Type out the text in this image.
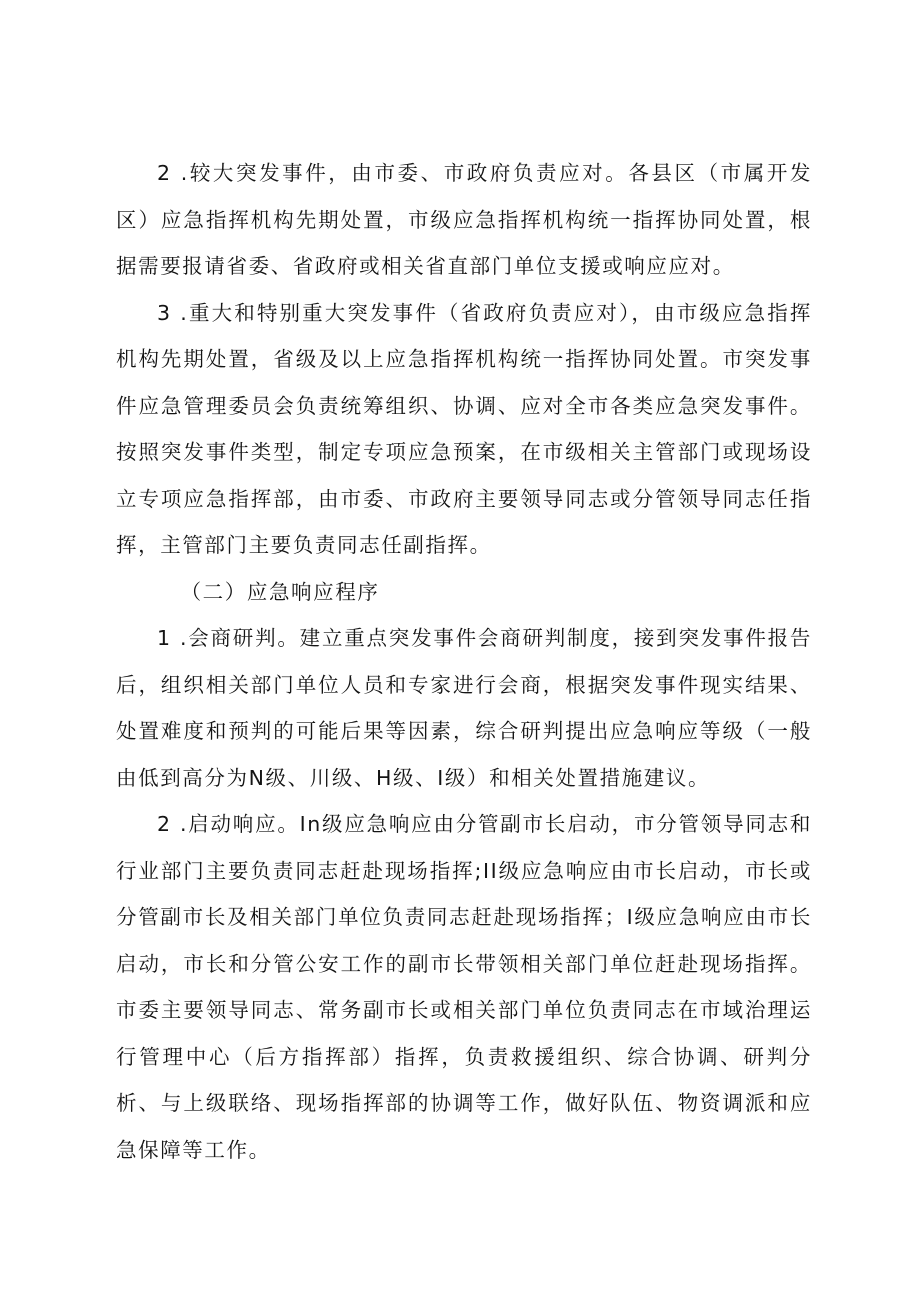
2 .较大突发事件，由市委、市政府负责应对。各县区（市属开发区）应急指挥机构先期处置，市级应急指挥机构统一指挥协同处置，根据需要报请省委、省政府或相关省直部门单位支援或响应应对。

3 .重大和特别重大突发事件（省政府负责应对），由市级应急指挥机构先期处置，省级及以上应急指挥机构统一指挥协同处置。市突发事件应急管理委员会负责统筹组织、协调、应对全市各类应急突发事件。按照突发事件类型，制定专项应急预案，在市级相关主管部门或现场设立专项应急指挥部，由市委、市政府主要领导同志或分管领导同志任指挥，主管部门主要负责同志任副指挥。

（二）应急响应程序

1 .会商研判。建立重点突发事件会商研判制度，接到突发事件报告后，组织相关部门单位人员和专家进行会商，根据突发事件现实结果、处置难度和预判的可能后果等因素，综合研判提出应急响应等级（一般由低到高分为N级、川级、H级、I级）和相关处置措施建议。

2 .启动响应。In级应急响应由分管副市长启动，市分管领导同志和行业部门主要负责同志赶赴现场指挥;II级应急响应由市长启动，市长或分管副市长及相关部门单位负责同志赶赴现场指挥；I级应急响应由市长启动，市长和分管公安工作的副市长带领相关部门单位赶赴现场指挥。市委主要领导同志、常务副市长或相关部门单位负责同志在市域治理运行管理中心（后方指挥部）指挥，负责救援组织、综合协调、研判分析、与上级联络、现场指挥部的协调等工作，做好队伍、物资调派和应急保障等工作。
